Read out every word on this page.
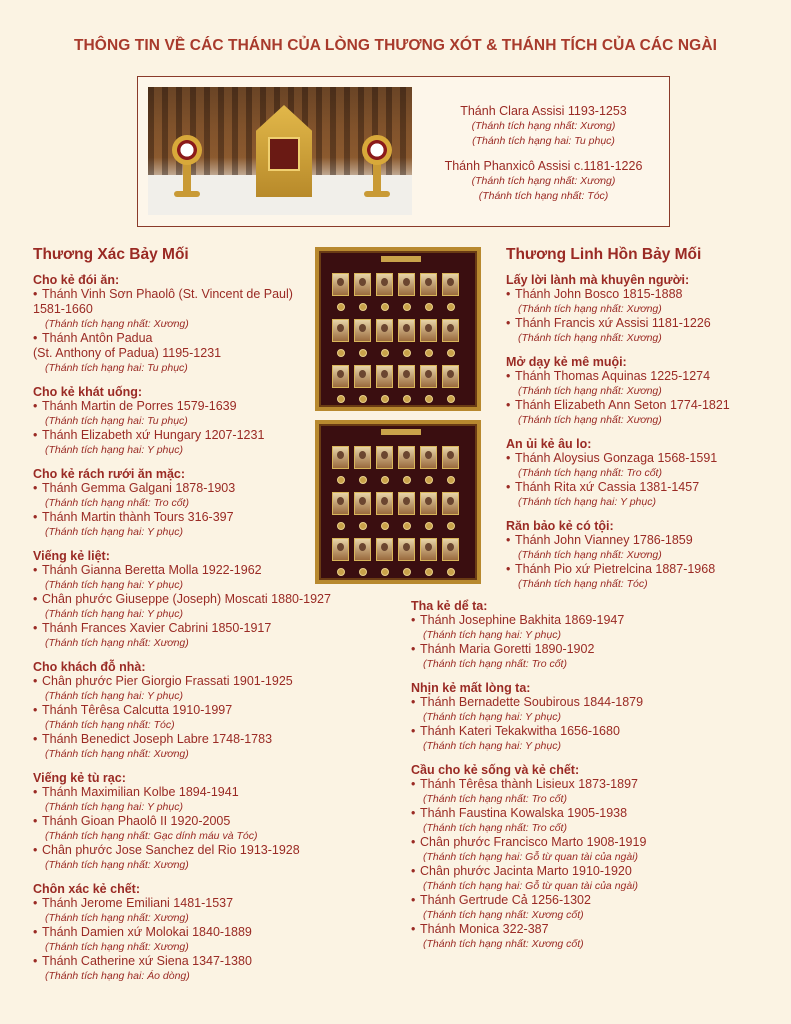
THÔNG TIN VỀ CÁC THÁNH CỦA LÒNG THƯƠNG XÓT & THÁNH TÍCH CỦA CÁC NGÀI
Thánh Clara Assisi 1193-1253
(Thánh tích hạng nhất: Xương)
(Thánh tích hạng hai: Tu phục)
Thánh Phanxicô Assisi c.1181-1226
(Thánh tích hạng nhất: Xương)
(Thánh tích hạng nhất: Tóc)
Thương Xác Bảy Mối
Cho kẻ đói ăn:
• Thánh Vinh Sơn Phaolô (St. Vincent de Paul)
1581-1660
(Thánh tích hạng nhất: Xương)
• Thánh Antôn Padua
(St. Anthony of Padua) 1195-1231
(Thánh tích hạng hai: Tu phục)
Cho kẻ khát uống:
• Thánh Martin de Porres 1579-1639
(Thánh tích hạng hai: Tu phục)
• Thánh Elizabeth xứ Hungary 1207-1231
(Thánh tích hạng hai: Y phục)
Cho kẻ rách rưới ăn mặc:
• Thánh Gemma Galgani 1878-1903
(Thánh tích hạng nhất: Tro cốt)
• Thánh Martin thành Tours 316-397
(Thánh tích hạng hai: Y phục)
Viếng kẻ liệt:
• Thánh Gianna Beretta Molla 1922-1962
(Thánh tích hạng hai: Y phục)
• Chân phước Giuseppe (Joseph) Moscati 1880-1927
(Thánh tích hạng hai: Y phục)
• Thánh Frances Xavier Cabrini 1850-1917
(Thánh tích hạng nhất: Xương)
Cho khách đỗ nhà:
• Chân phước Pier Giorgio Frassati 1901-1925
(Thánh tích hạng hai: Y phục)
• Thánh Têrêsa Calcutta 1910-1997
(Thánh tích hạng nhất: Tóc)
• Thánh Benedict Joseph Labre 1748-1783
(Thánh tích hạng nhất: Xương)
Viếng kẻ tù rạc:
• Thánh Maximilian Kolbe 1894-1941
(Thánh tích hạng hai: Y phục)
• Thánh Gioan Phaolô II 1920-2005
(Thánh tích hạng nhất: Gạc dính máu và Tóc)
• Chân phước Jose Sanchez del Rio 1913-1928
(Thánh tích hạng nhất: Xương)
Chôn xác kẻ chết:
• Thánh Jerome Emiliani 1481-1537
(Thánh tích hạng nhất: Xương)
• Thánh Damien xứ Molokai 1840-1889
(Thánh tích hạng nhất: Xương)
• Thánh Catherine xứ Siena 1347-1380
(Thánh tích hạng hai: Áo dòng)
Thương Linh Hồn Bảy Mối
Lấy lời lành mà khuyên người:
• Thánh John Bosco 1815-1888
(Thánh tích hạng nhất: Xương)
• Thánh Francis xứ Assisi 1181-1226
(Thánh tích hạng nhất: Xương)
Mở dạy kẻ mê muội:
• Thánh Thomas Aquinas 1225-1274
(Thánh tích hạng nhất: Xương)
• Thánh Elizabeth Ann Seton 1774-1821
(Thánh tích hạng nhất: Xương)
An ủi kẻ âu lo:
• Thánh Aloysius Gonzaga 1568-1591
(Thánh tích hạng nhất: Tro cốt)
• Thánh Rita xứ Cassia 1381-1457
(Thánh tích hạng hai: Y phục)
Răn bảo kẻ có tội:
• Thánh John Vianney 1786-1859
(Thánh tích hạng nhất: Xương)
• Thánh Pio xứ Pietrelcina 1887-1968
(Thánh tích hạng nhất: Tóc)
Tha kẻ dể ta:
• Thánh Josephine Bakhita 1869-1947
(Thánh tích hạng hai: Y phục)
• Thánh Maria Goretti 1890-1902
(Thánh tích hạng nhất: Tro cốt)
Nhịn kẻ mất lòng ta:
• Thánh Bernadette Soubirous 1844-1879
(Thánh tích hạng hai: Y phục)
• Thánh Kateri Tekakwitha 1656-1680
(Thánh tích hạng hai: Y phục)
Cầu cho kẻ sống và kẻ chết:
• Thánh Têrêsa thành Lisieux 1873-1897
(Thánh tích hạng nhất: Tro cốt)
• Thánh Faustina Kowalska 1905-1938
(Thánh tích hạng nhất: Tro cốt)
• Chân phước Francisco Marto 1908-1919
(Thánh tích hạng hai: Gỗ từ quan tài của ngài)
• Chân phước Jacinta Marto 1910-1920
(Thánh tích hạng hai: Gỗ từ quan tài của ngài)
• Thánh Gertrude Cả 1256-1302
(Thánh tích hạng nhất: Xương cốt)
• Thánh Monica 322-387
(Thánh tích hạng nhất: Xương cốt)
